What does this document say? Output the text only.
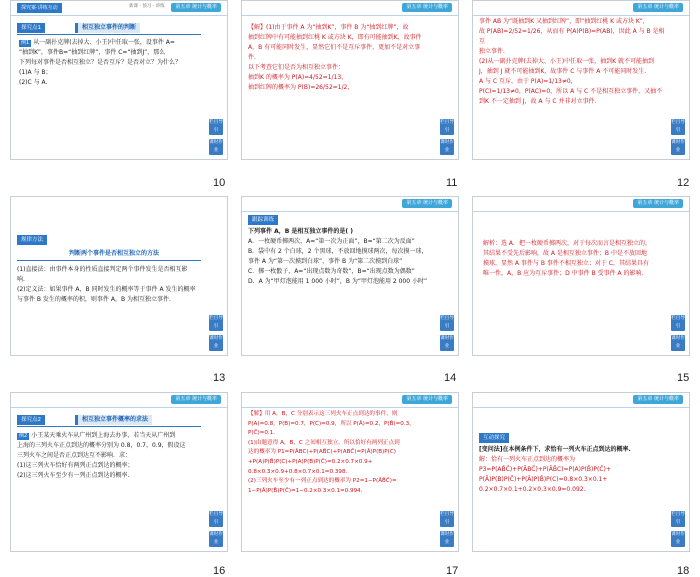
探究案·讲练互动	新课 · 预习 · 讲练	第五章 统计与概率
探究点1	相互独立事件的判断
例1 从一副扑克牌(去掉大、小王)中任取一张，设事件 A=
“抽到K”，事件B=“抽到红牌”，事件 C=“抽到J”，那么
下列每对事件是否相互独立？是否互斥？是否对立？为什么？
(1)A 与 B；
(2)C 与 A.
栏目导引
课时作业
10
第五章 统计与概率
【解】(1)由于事件 A 为“抽到K”，事件 B 为“抽到红牌”，故
抽到红牌中有可能抽到红桃 K 或方块 K，即有可能抽到K，故事件
A，B 有可能同时发生，显然它们不是互斥事件，更加不是对立事
件.
以下考查它们是否为相互独立事件：
抽到K 的概率为 P(A)=4/52=1/13，
抽到红牌的概率为 P(B)=26/52=1/2，
栏目导引
课时作业
11
第五章 统计与概率
事件 AB 为“既抽到K 又抽到红牌”，即“抽到红桃 K 或方块 K”，
故 P(AB)=2/52=1/26，从而有 P(A)P(B)=P(AB)，因此 A 与 B 是相互
独立事件.
(2)从一副扑克牌(去掉大、小王)中任取一张，抽到K 就不可能抽到
J，抽到 J 就不可能抽到K，故事件 C 与事件 A 不可能同时发生.
A 与 C 互斥，由于 P(A)=1/13≠0，
P(C)=1/13≠0，P(AC)=0，所以 A 与 C 不是相互独立事件，又抽不
到K 不一定抽到 J，故 A 与 C 并非对立事件.
栏目导引
课时作业
12
规律方法
判断两个事件是否相互独立的方法
(1)直接法：由事件本身的性质直接判定两个事件发生是否相互影
响.
(2)定义法：如果事件 A，B 同时发生的概率等于事件 A 发生的概率
与事件 B 发生的概率的积，则事件 A，B 为相互独立事件.
栏目导引
课时作业
13
第五章 统计与概率
跟踪训练
下列事件 A，B 是相互独立事件的是( )
A．一枚硬币掷两次，A=“第一次为正面”，B=“第二次为反面”
B．袋中有 2 个白球，2 个黑球，不放回地摸球两次，每次摸一球，
事件 A 为“第一次摸到白球”，事件 B 为“第二次摸到白球”
C．掷一枚骰子，A=“出现点数为奇数”，B=“出现点数为偶数”
D．A 为“甲灯泡能用 1 000 小时”，B 为“甲灯泡能用 2 000 小时”
栏目导引
课时作业
14
第五章 统计与概率
解析：选 A．把一枚硬币掷两次，对于每次而言是相互独立的，
其结果不受先后影响，故 A 是相互独立事件；B 中是不放回地
摸球，显然 A 事件与 B 事件不相互独立；对于 C，其结果具有
唯一性，A，B 应为互斥事件；D 中事件 B 受事件 A 的影响.
栏目导引
课时作业
15
第五章 统计与概率
探究点2	相互独立事件概率的求法
例2 小王某天乘火车从广州到上海去办事，若当天从广州到
上海的三列火车正点到达的概率分别为 0.8，0.7，0.9，假设这
三列火车之间是否正点到达互不影响．求：
(1)这三列火车恰好有两列正点到达的概率；
(2)这三列火车至少有一列正点到达的概率.
栏目导引
课时作业
16
第五章 统计与概率
【解】用 A，B，C 分别表示这三列火车正点到达的事件，则
P(A)=0.8，P(B)=0.7，P(C)=0.9，所以 P(Ā)=0.2，P(B̄)=0.3，
P(C̄)=0.1.
(1)由题意得 A，B，C 之间相互独立，所以恰好有两列正点到
达的概率为 P1=P(ĀBC)+P(AB̄C)+P(ABC̄)=P(Ā)P(B)P(C)
+P(A)P(B̄)P(C)+P(A)P(B)P(C̄)=0.2×0.7×0.9+
0.8×0.3×0.9+0.8×0.7×0.1=0.398.
(2)三列火车至少有一列正点到达的概率为 P2=1−P(ĀB̄C̄)=
1−P(Ā)P(B̄)P(C̄)=1−0.2×0.3×0.1=0.994.
栏目导引
课时作业
17
第五章 统计与概率
互动探究
[变问法]在本例条件下，求恰有一列火车正点到达的概率.
解：恰有一列火车正点到达的概率为
P3=P(AB̄C̄)+P(ĀBC̄)+P(ĀB̄C)=P(A)P(B̄)P(C̄)+
P(Ā)P(B)P(C̄)+P(Ā)P(B̄)P(C)=0.8×0.3×0.1+
0.2×0.7×0.1+0.2×0.3×0.9=0.092.
栏目导引
课时作业
18
